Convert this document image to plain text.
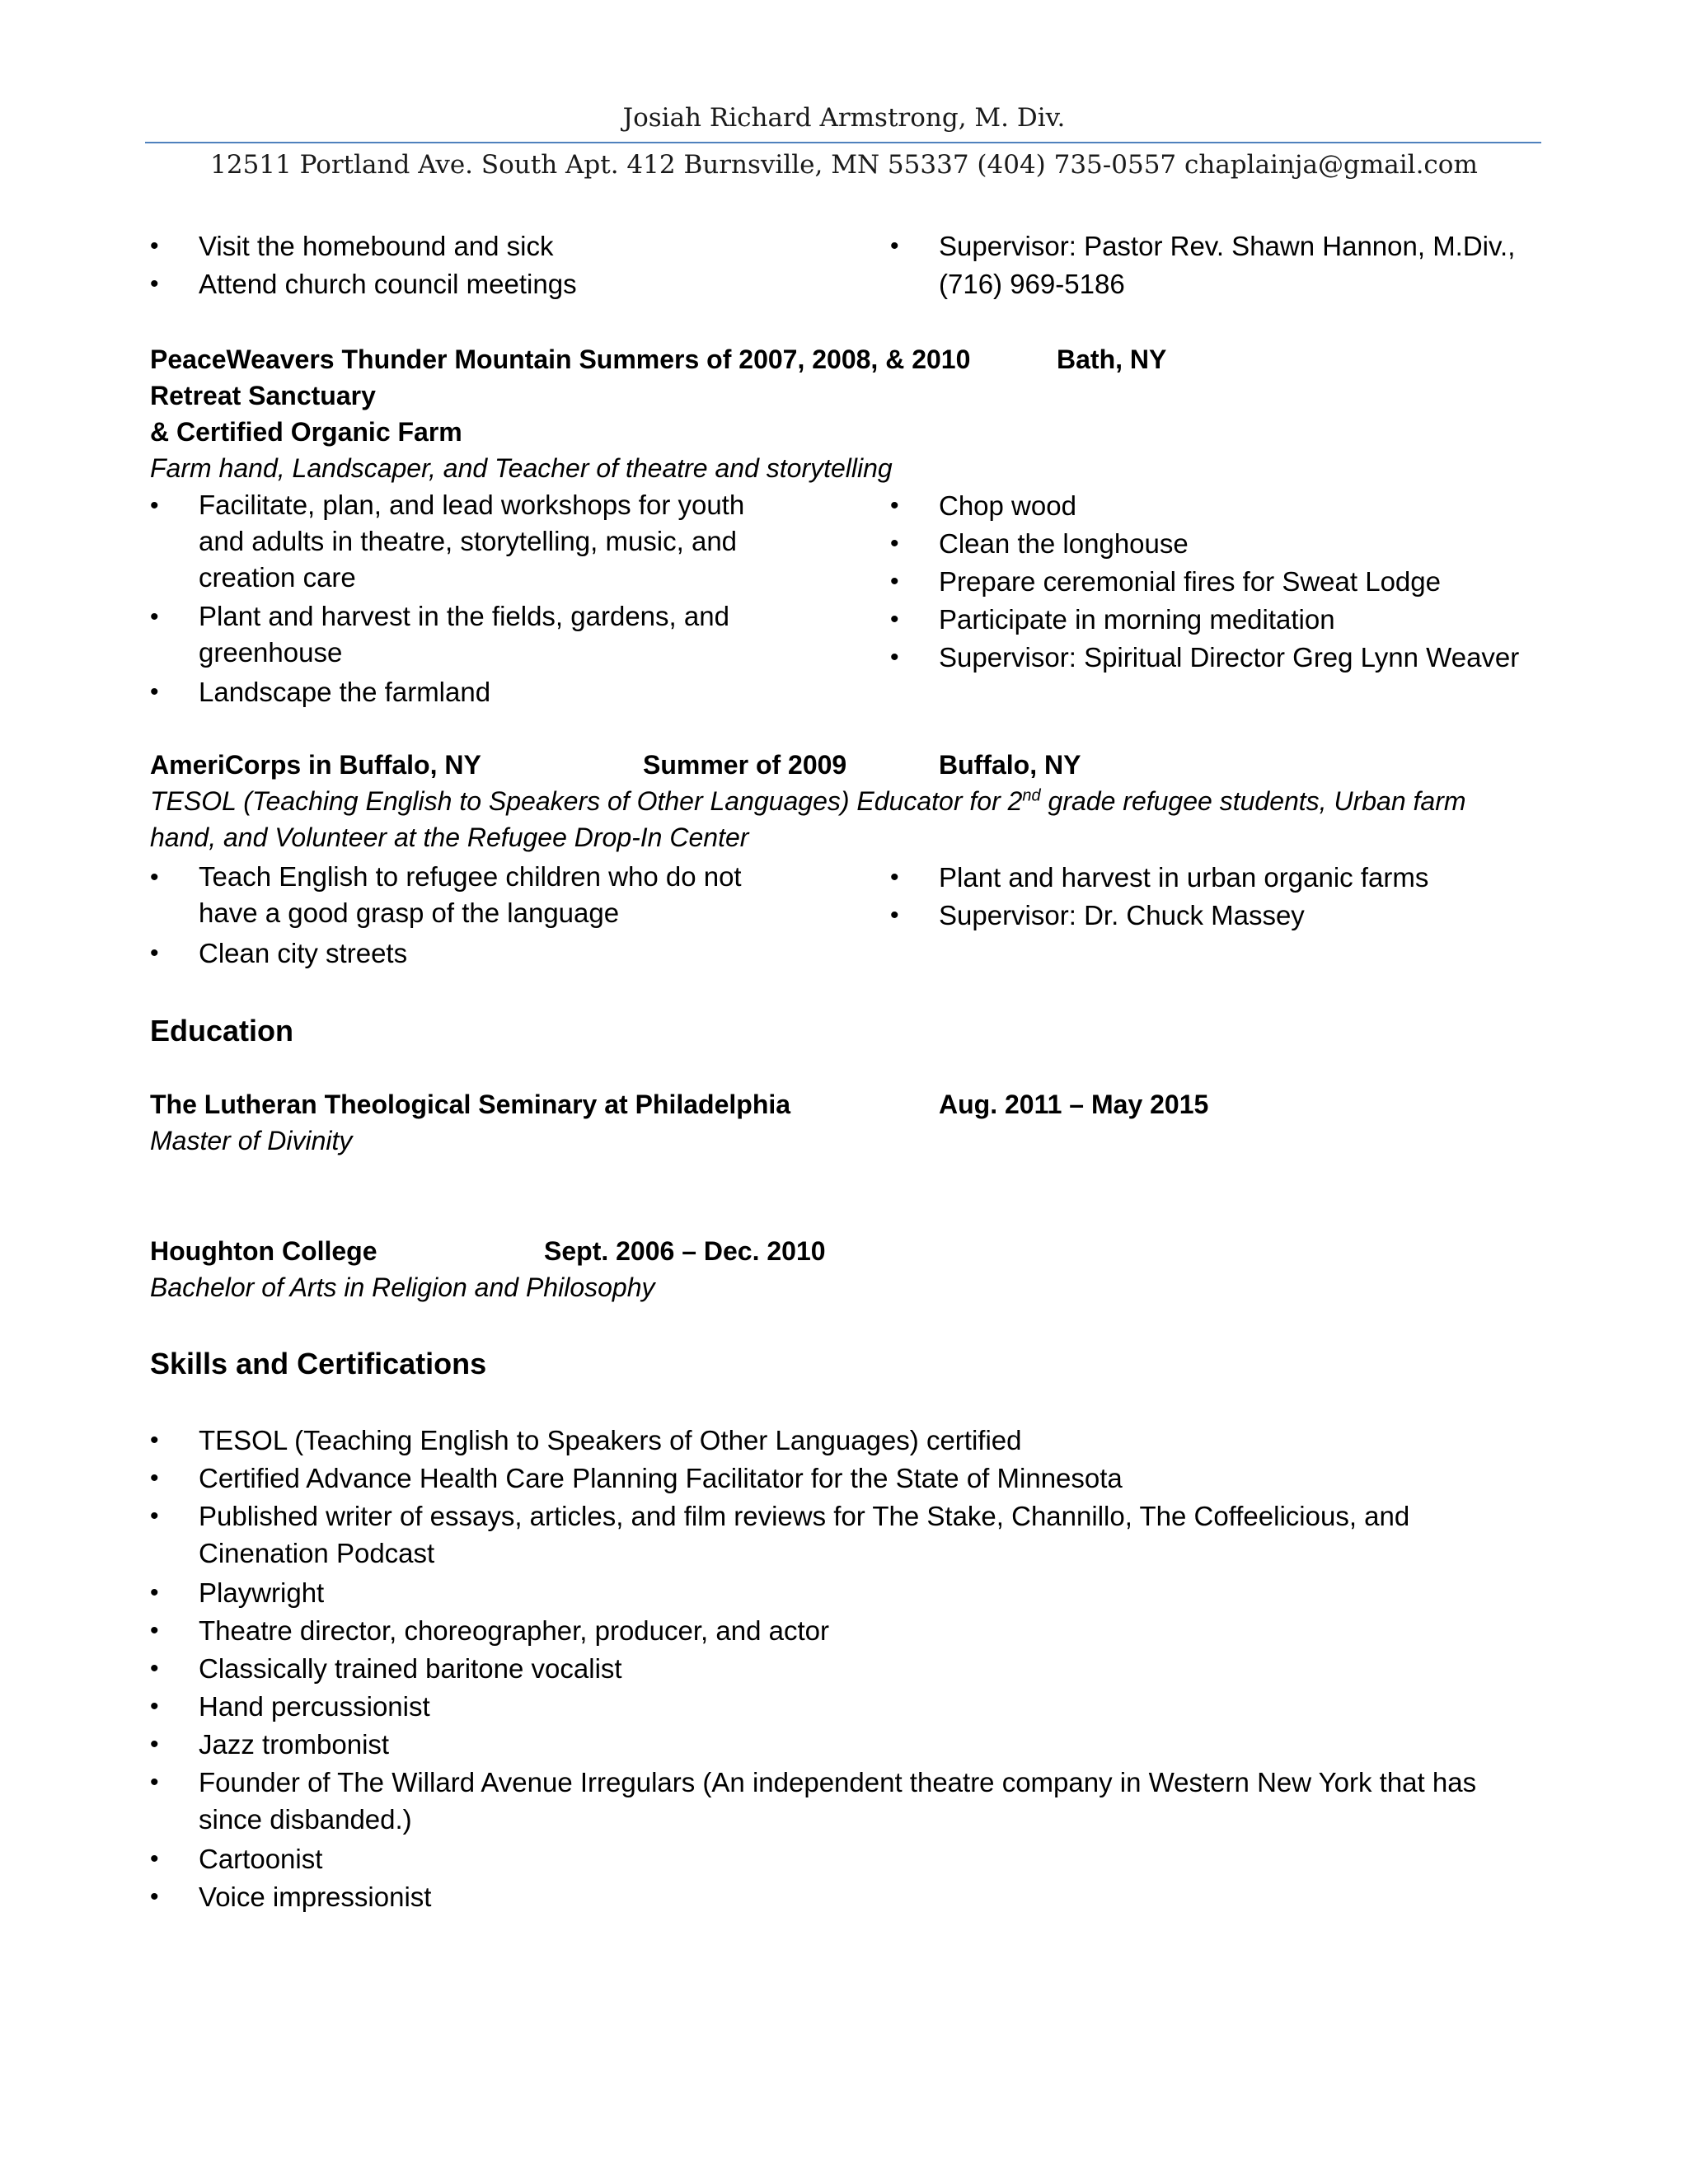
Josiah Richard Armstrong, M. Div.
12511 Portland Ave. South Apt. 412 Burnsville, MN 55337 (404) 735-0557 chaplainja@gmail.com
• Visit the homebound and sick
• Attend church council meetings
• Supervisor: Pastor Rev. Shawn Hannon, M.Div., (716) 969-5186
PeaceWeavers Thunder Mountain Summers of 2007, 2008, & 2010	Bath, NY
Retreat Sanctuary
& Certified Organic Farm
Farm hand, Landscaper, and Teacher of theatre and storytelling
• Facilitate, plan, and lead workshops for youth and adults in theatre, storytelling, music, and creation care
• Plant and harvest in the fields, gardens, and greenhouse
• Landscape the farmland
• Chop wood
• Clean the longhouse
• Prepare ceremonial fires for Sweat Lodge
• Participate in morning meditation
• Supervisor: Spiritual Director Greg Lynn Weaver
AmeriCorps in Buffalo, NY	Summer of 2009	Buffalo, NY
TESOL (Teaching English to Speakers of Other Languages) Educator for 2nd grade refugee students, Urban farm
hand, and Volunteer at the Refugee Drop-In Center
• Teach English to refugee children who do not have a good grasp of the language
• Clean city streets
• Plant and harvest in urban organic farms
• Supervisor: Dr. Chuck Massey
Education
The Lutheran Theological Seminary at Philadelphia	Aug. 2011 – May 2015
Master of Divinity
Houghton College	Sept. 2006 – Dec. 2010
Bachelor of Arts in Religion and Philosophy
Skills and Certifications
• TESOL (Teaching English to Speakers of Other Languages) certified
• Certified Advance Health Care Planning Facilitator for the State of Minnesota
• Published writer of essays, articles, and film reviews for The Stake, Channillo, The Coffeelicious, and Cinenation Podcast
• Playwright
• Theatre director, choreographer, producer, and actor
• Classically trained baritone vocalist
• Hand percussionist
• Jazz trombonist
• Founder of The Willard Avenue Irregulars (An independent theatre company in Western New York that has since disbanded.)
• Cartoonist
• Voice impressionist
